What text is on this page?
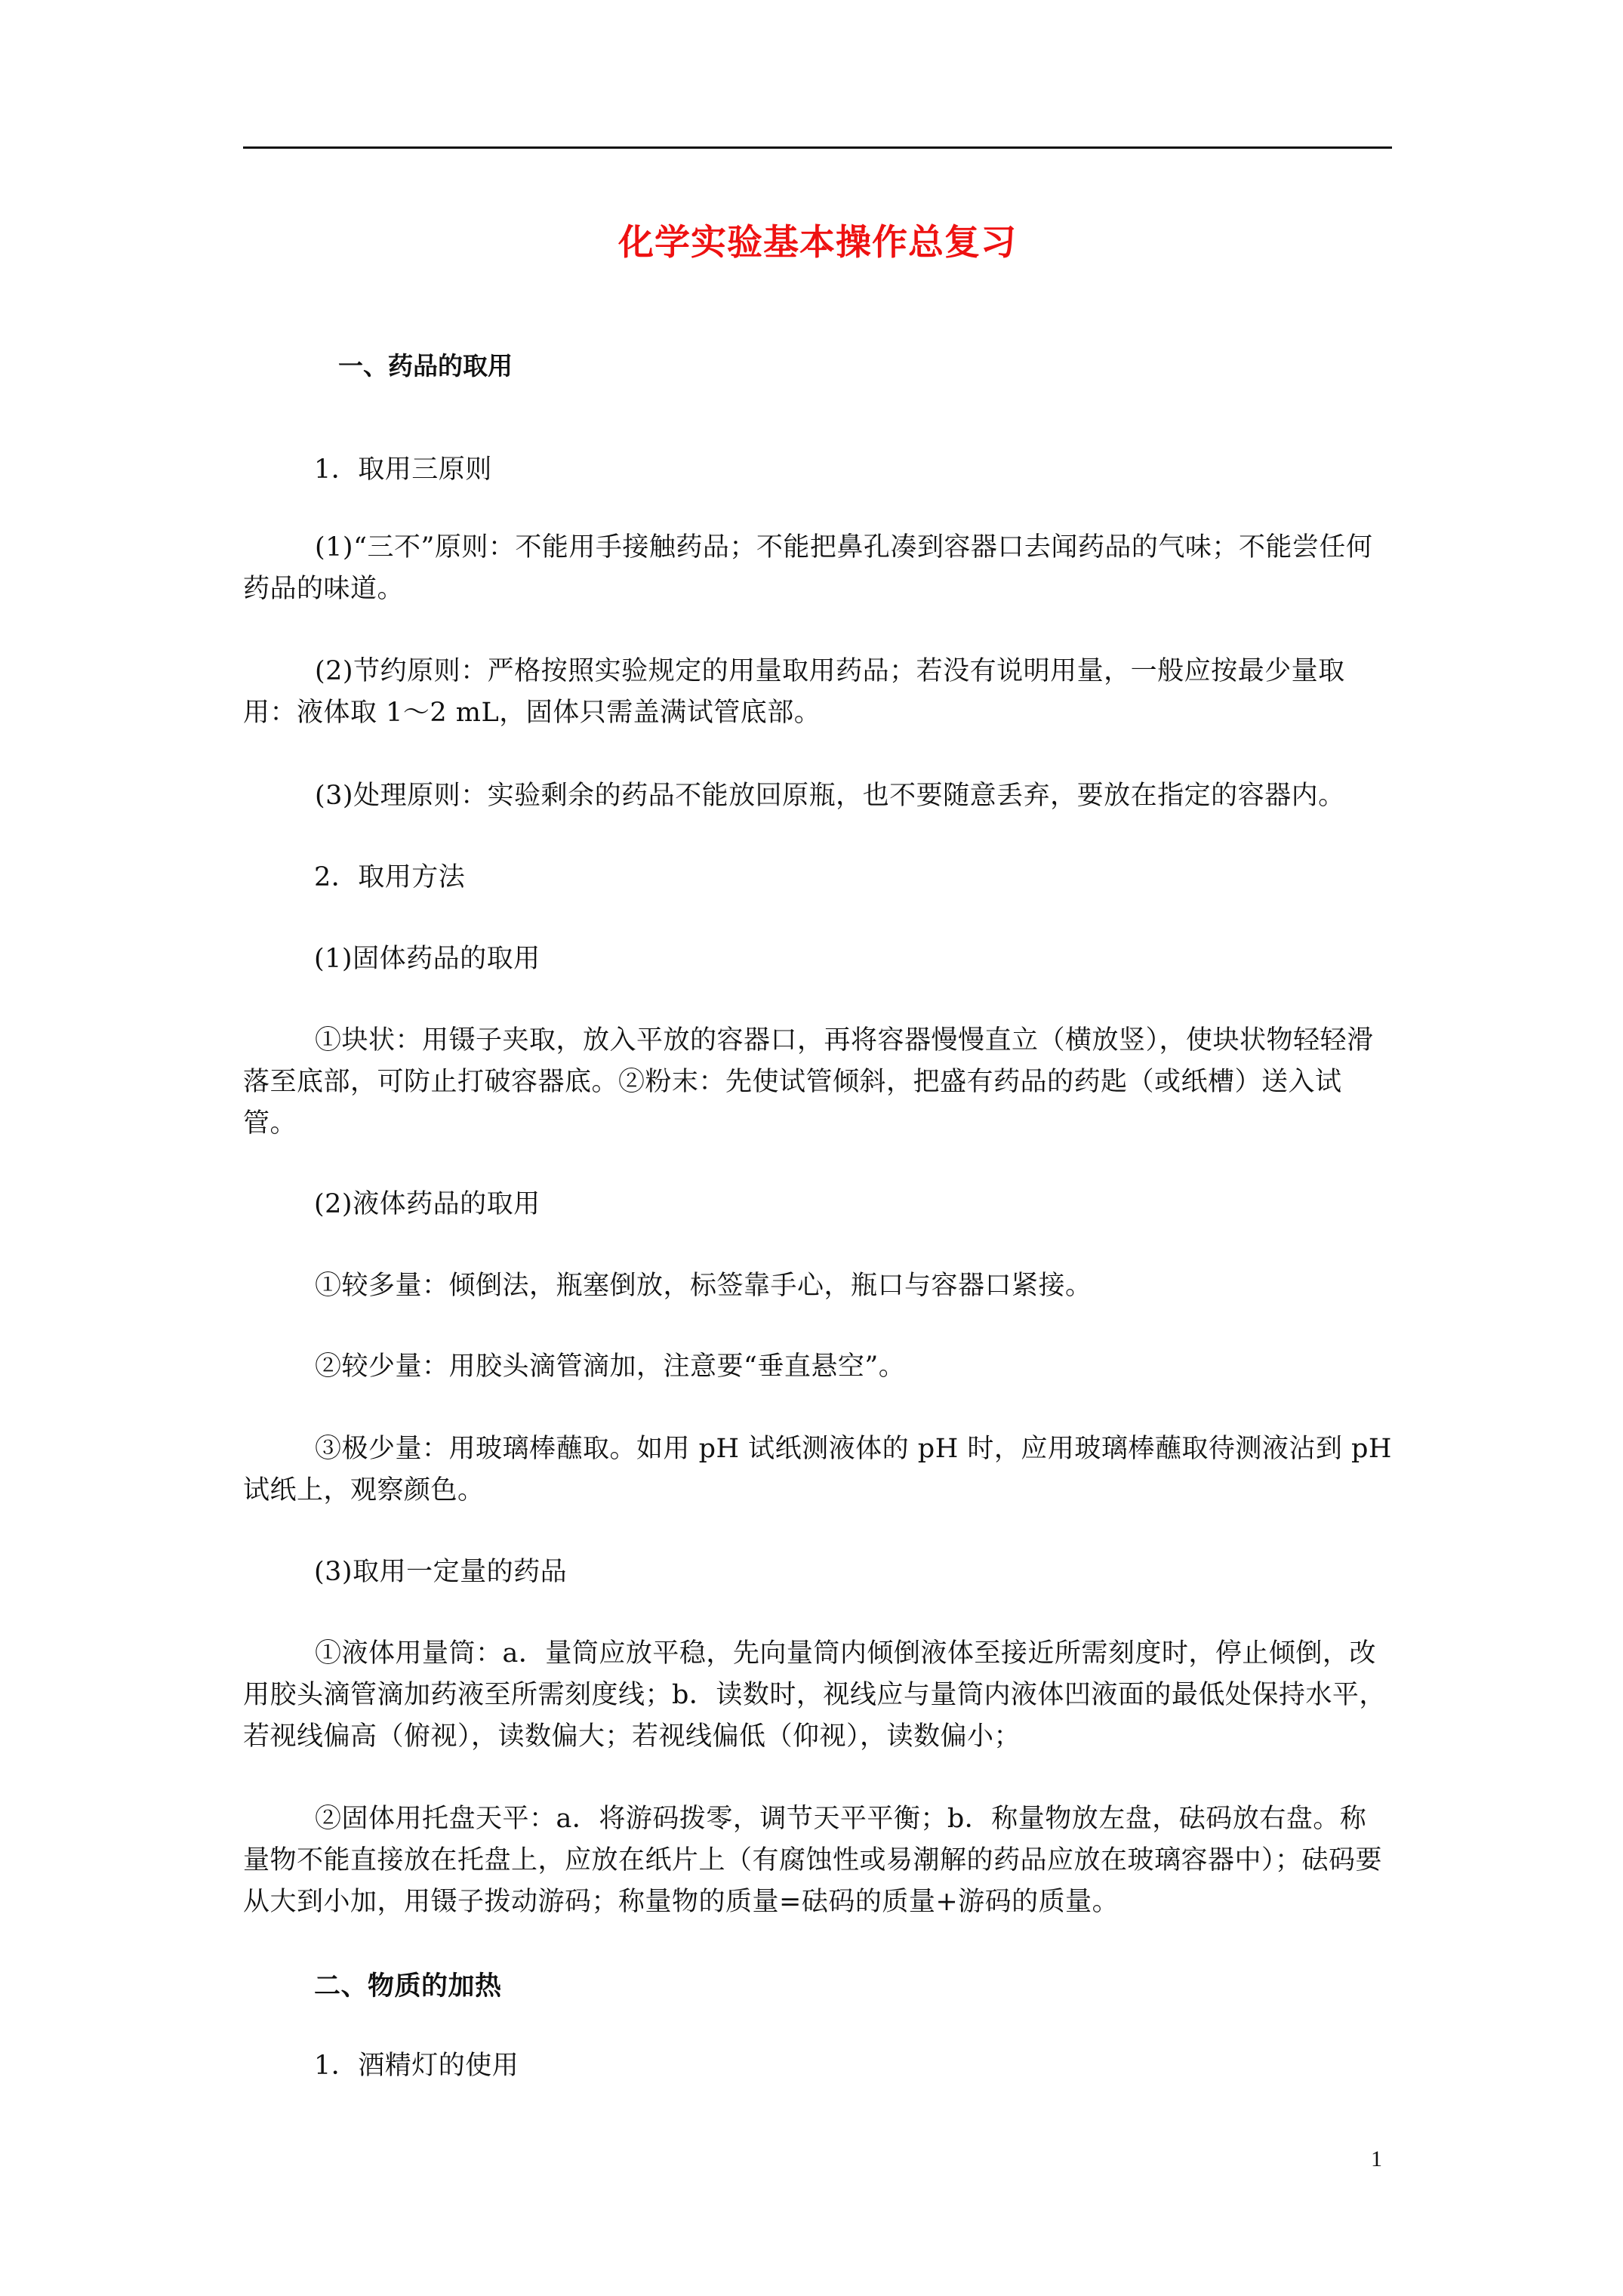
化学实验基本操作总复习
一、药品的取用
1．取用三原则
(1)“三不”原则：不能用手接触药品；不能把鼻孔凑到容器口去闻药品的气味；不能尝任何药品的味道。
(2)节约原则：严格按照实验规定的用量取用药品；若没有说明用量，一般应按最少量取用：液体取 1～2 mL，固体只需盖满试管底部。
(3)处理原则：实验剩余的药品不能放回原瓶，也不要随意丢弃，要放在指定的容器内。
2．取用方法
(1)固体药品的取用
①块状：用镊子夹取，放入平放的容器口，再将容器慢慢直立（横放竖），使块状物轻轻滑落至底部，可防止打破容器底。②粉末：先使试管倾斜，把盛有药品的药匙（或纸槽）送入试管。
(2)液体药品的取用
①较多量：倾倒法，瓶塞倒放，标签靠手心，瓶口与容器口紧接。
②较少量：用胶头滴管滴加，注意要“垂直悬空”。
③极少量：用玻璃棒蘸取。如用 pH 试纸测液体的 pH 时，应用玻璃棒蘸取待测液沾到 pH 试纸上，观察颜色。
(3)取用一定量的药品
①液体用量筒：a．量筒应放平稳，先向量筒内倾倒液体至接近所需刻度时，停止倾倒，改用胶头滴管滴加药液至所需刻度线；b．读数时，视线应与量筒内液体凹液面的最低处保持水平，若视线偏高（俯视），读数偏大；若视线偏低（仰视），读数偏小；
②固体用托盘天平：a．将游码拨零，调节天平平衡；b．称量物放左盘，砝码放右盘。称量物不能直接放在托盘上，应放在纸片上（有腐蚀性或易潮解的药品应放在玻璃容器中）；砝码要从大到小加，用镊子拨动游码；称量物的质量=砝码的质量+游码的质量。
二、物质的加热
1．酒精灯的使用
1
